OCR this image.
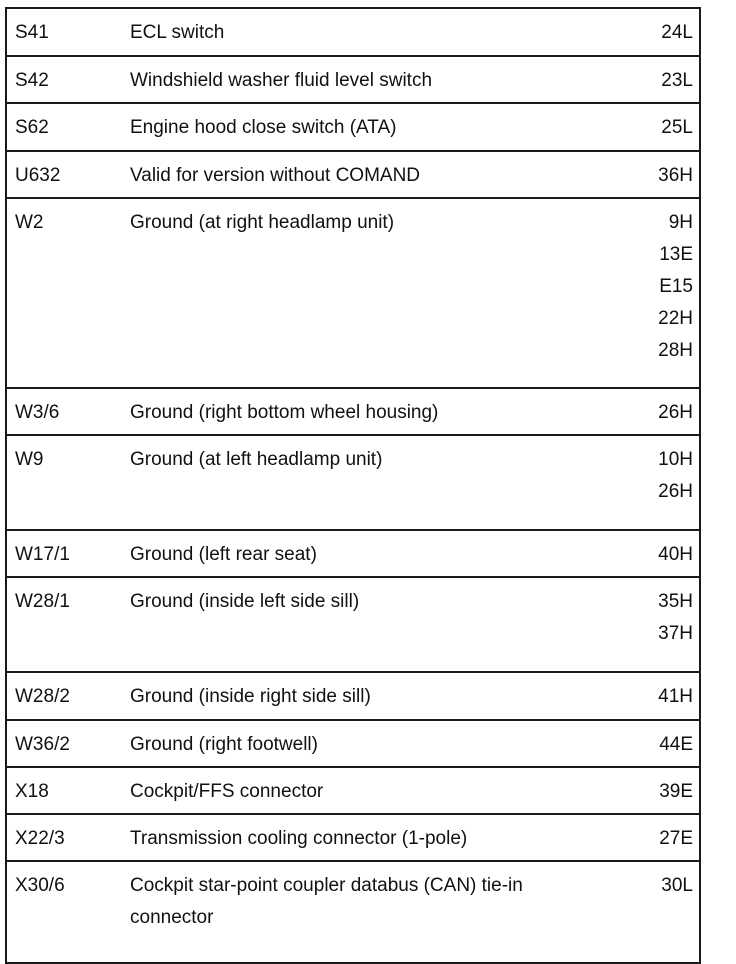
S41	ECL switch	24L
S42	Windshield washer fluid level switch	23L
S62	Engine hood close switch (ATA)	25L
U632	Valid for version without COMAND	36H
W2	Ground (at right headlamp unit)	9H
13E
E15
22H
28H
W3/6	Ground (right bottom wheel housing)	26H
W9	Ground (at left headlamp unit)	10H
26H
W17/1	Ground (left rear seat)	40H
W28/1	Ground (inside left side sill)	35H
37H
W28/2	Ground (inside right side sill)	41H
W36/2	Ground (right footwell)	44E
X18	Cockpit/FFS connector	39E
X22/3	Transmission cooling connector (1-pole)	27E
X30/6	Cockpit star-point coupler databus (CAN) tie-in connector
30L
